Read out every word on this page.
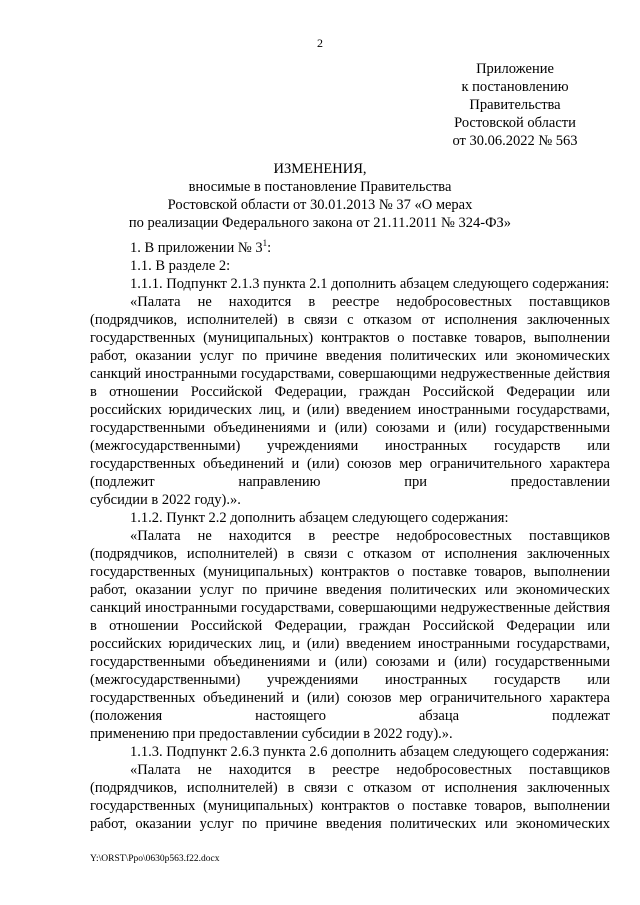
2
Приложение
к постановлению
Правительства
Ростовской области
от 30.06.2022 № 563
ИЗМЕНЕНИЯ,
вносимые в постановление Правительства
Ростовской области от 30.01.2013 № 37 «О мерах
по реализации Федерального закона от 21.11.2011 № 324-ФЗ»

1. В приложении № $3^1$:

1.1. В разделе 2:

1.1.1. Подпункт 2.1.3 пункта 2.1 дополнить абзацем следующего содержания:

«Палата не находится в реестре недобросовестных поставщиков (подрядчиков, исполнителей) в связи с отказом от исполнения заключенных государственных (муниципальных) контрактов о поставке товаров, выполнении работ, оказании услуг по причине введения политических или экономических санкций иностранными государствами, совершающими недружественные действия в отношении Российской Федерации, граждан Российской Федерации или российских юридических лиц, и (или) введением иностранными государствами, государственными объединениями и (или) союзами и (или) государственными (межгосударственными) учреждениями иностранных государств или государственных объединений и (или) союзов мер ограничительного характера (подлежит направлению при предоставлении

субсидии в 2022 году).».

1.1.2. Пункт 2.2 дополнить абзацем следующего содержания:

«Палата не находится в реестре недобросовестных поставщиков (подрядчиков, исполнителей) в связи с отказом от исполнения заключенных государственных (муниципальных) контрактов о поставке товаров, выполнении работ, оказании услуг по причине введения политических или экономических санкций иностранными государствами, совершающими недружественные действия в отношении Российской Федерации, граждан Российской Федерации или российских юридических лиц, и (или) введением иностранными государствами, государственными объединениями и (или) союзами и (или) государственными (межгосударственными) учреждениями иностранных государств или государственных объединений и (или) союзов мер ограничительного характера (положения настоящего абзаца подлежат

применению при предоставлении субсидии в 2022 году).».

1.1.3. Подпункт 2.6.3 пункта 2.6 дополнить абзацем следующего содержания:

«Палата не находится в реестре недобросовестных поставщиков (подрядчиков, исполнителей) в связи с отказом от исполнения заключенных государственных (муниципальных) контрактов о поставке товаров, выполнении работ, оказании услуг по причине введения политических или экономических

Y:\ORST\Ppo\0630p563.f22.docx
